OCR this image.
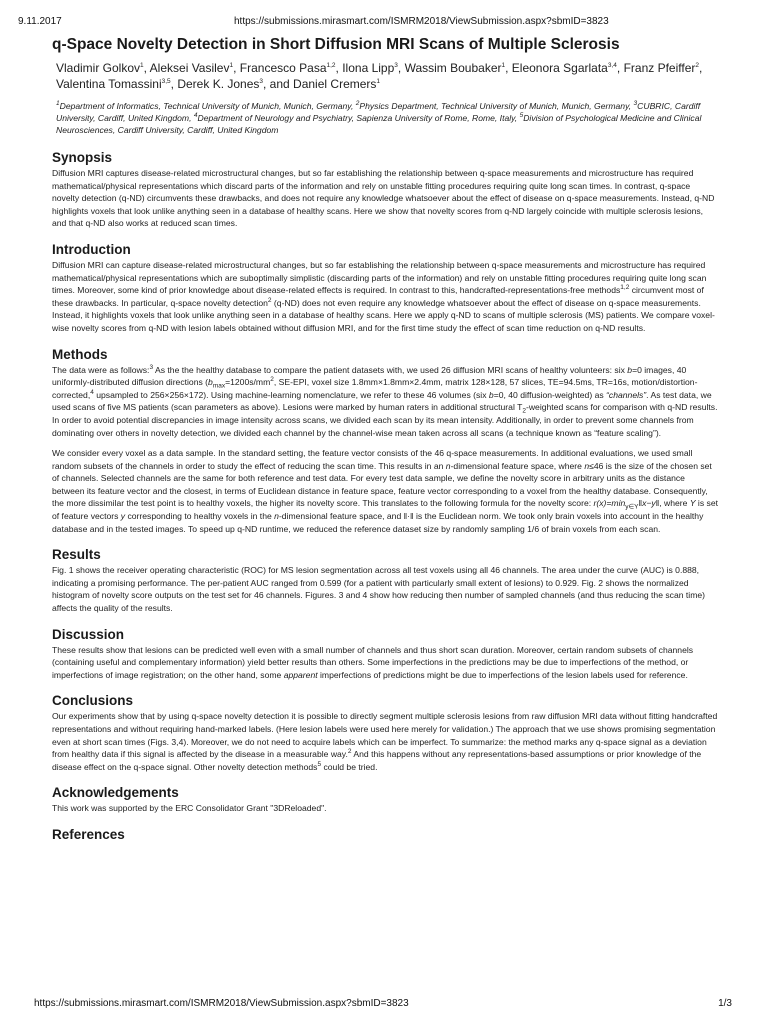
9.11.2017	https://submissions.mirasmart.com/ISMRM2018/ViewSubmission.aspx?sbmID=3823
q-Space Novelty Detection in Short Diffusion MRI Scans of Multiple Sclerosis
Vladimir Golkov$^1$, Aleksei Vasilev$^1$, Francesco Pasa$^{1,2}$, Ilona Lipp$^3$, Wassim Boubaker$^1$, Eleonora Sgarlata$^{3,4}$, Franz Pfeiffer$^2$, Valentina Tomassini$^{3,5}$, Derek K. Jones$^3$, and Daniel Cremers$^1$
$^1$Department of Informatics, Technical University of Munich, Munich, Germany, $^2$Physics Department, Technical University of Munich, Munich, Germany, $^3$CUBRIC, Cardiff University, Cardiff, United Kingdom, $^4$Department of Neurology and Psychiatry, Sapienza University of Rome, Rome, Italy, $^5$Division of Psychological Medicine and Clinical Neurosciences, Cardiff University, Cardiff, United Kingdom
Synopsis

Diffusion MRI captures disease-related microstructural changes, but so far establishing the relationship between q-space measurements and microstructure has required mathematical/physical representations which discard parts of the information and rely on unstable fitting procedures requiring quite long scan times. In contrast, q-space novelty detection (q-ND) circumvents these drawbacks, and does not require any knowledge whatsoever about the effect of disease on q-space measurements. Instead, q-ND highlights voxels that look unlike anything seen in a database of healthy scans. Here we show that novelty scores from q-ND largely coincide with multiple sclerosis lesions, and that q-ND also works at reduced scan times.

Introduction

Diffusion MRI can capture disease-related microstructural changes, but so far establishing the relationship between q-space measurements and microstructure has required mathematical/physical representations which are suboptimally simplistic (discarding parts of the information) and rely on unstable fitting procedures requiring quite long scan times. Moreover, some kind of prior knowledge about disease-related effects is required. In contrast to this, handcrafted-representations-free methods$^{1,2}$ circumvent most of these drawbacks. In particular, q-space novelty detection$^2$ (q-ND) does not even require any knowledge whatsoever about the effect of disease on q-space measurements. Instead, it highlights voxels that look unlike anything seen in a database of healthy scans. Here we apply q-ND to scans of multiple sclerosis (MS) patients. We compare voxel-wise novelty scores from q-ND with lesion labels obtained without diffusion MRI, and for the first time study the effect of scan time reduction on q-ND results.

Methods

The data were as follows:$^3$ As the the healthy database to compare the patient datasets with, we used 26 diffusion MRI scans of healthy volunteers: six b=0 images, 40 uniformly-distributed diffusion directions ($b_{max}=1200s/mm^2$, SE-EPI, voxel size 1.8mm×1.8mm×2.4mm, matrix 128×128, 57 slices, TE=94.5ms, TR=16s, motion/distortion-corrected,$^4$ upsampled to 256×256×172). Using machine-learning nomenclature, we refer to these 46 volumes (six b=0, 40 diffusion-weighted) as “channels”. As test data, we used scans of five MS patients (scan parameters as above). Lesions were marked by human raters in additional structural $T_2$-weighted scans for comparison with q-ND results. In order to avoid potential discrepancies in image intensity across scans, we divided each scan by its mean intensity. Additionally, in order to prevent some channels from dominating over others in novelty detection, we divided each channel by the channel-wise mean taken across all scans (a technique known as “feature scaling”).

We consider every voxel as a data sample. In the standard setting, the feature vector consists of the 46 q-space measurements. In additional evaluations, we used small random subsets of the channels in order to study the effect of reducing the scan time. This results in an n-dimensional feature space, where n≤46 is the size of the chosen set of channels. Selected channels are the same for both reference and test data. For every test data sample, we define the novelty score in arbitrary units as the distance between its feature vector and the closest, in terms of Euclidean distance in feature space, feature vector corresponding to a voxel from the healthy database. Consequently, the more dissimilar the test point is to healthy voxels, the higher its novelty score. This translates to the following formula for the novelty score: $r(x)=\min_{y\in Y}‖x-y‖$, where Y is set of feature vectors y corresponding to healthy voxels in the n-dimensional feature space, and ‖·‖ is the Euclidean norm. We took only brain voxels into account in the healthy database and in the tested images. To speed up q-ND runtime, we reduced the reference dataset size by randomly sampling 1/6 of brain voxels from each scan.

Results

Fig. 1 shows the receiver operating characteristic (ROC) for MS lesion segmentation across all test voxels using all 46 channels. The area under the curve (AUC) is 0.888, indicating a promising performance. The per-patient AUC ranged from 0.599 (for a patient with particularly small extent of lesions) to 0.929. Fig. 2 shows the normalized histogram of novelty score outputs on the test set for 46 channels. Figures. 3 and 4 show how reducing then number of sampled channels (and thus reducing the scan time) affects the quality of the results.

Discussion

These results show that lesions can be predicted well even with a small number of channels and thus short scan duration. Moreover, certain random subsets of channels (containing useful and complementary information) yield better results than others. Some imperfections in the predictions may be due to imperfections of the method, or imperfections of image registration; on the other hand, some apparent imperfections of predictions might be due to imperfections of the lesion labels used for reference.

Conclusions

Our experiments show that by using q-space novelty detection it is possible to directly segment multiple sclerosis lesions from raw diffusion MRI data without fitting handcrafted representations and without requiring hand-marked labels. (Here lesion labels were used here merely for validation.) The approach that we use shows promising segmentation even at short scan times (Figs. 3,4). Moreover, we do not need to acquire labels which can be imperfect. To summarize: the method marks any q-space signal as a deviation from healthy data if this signal is affected by the disease in a measurable way.$^2$ And this happens without any representations-based assumptions or prior knowledge of the disease effect on the q-space signal. Other novelty detection methods$^5$ could be tried.

Acknowledgements

This work was supported by the ERC Consolidator Grant "3DReloaded".

References
https://submissions.mirasmart.com/ISMRM2018/ViewSubmission.aspx?sbmID=3823	1/3
